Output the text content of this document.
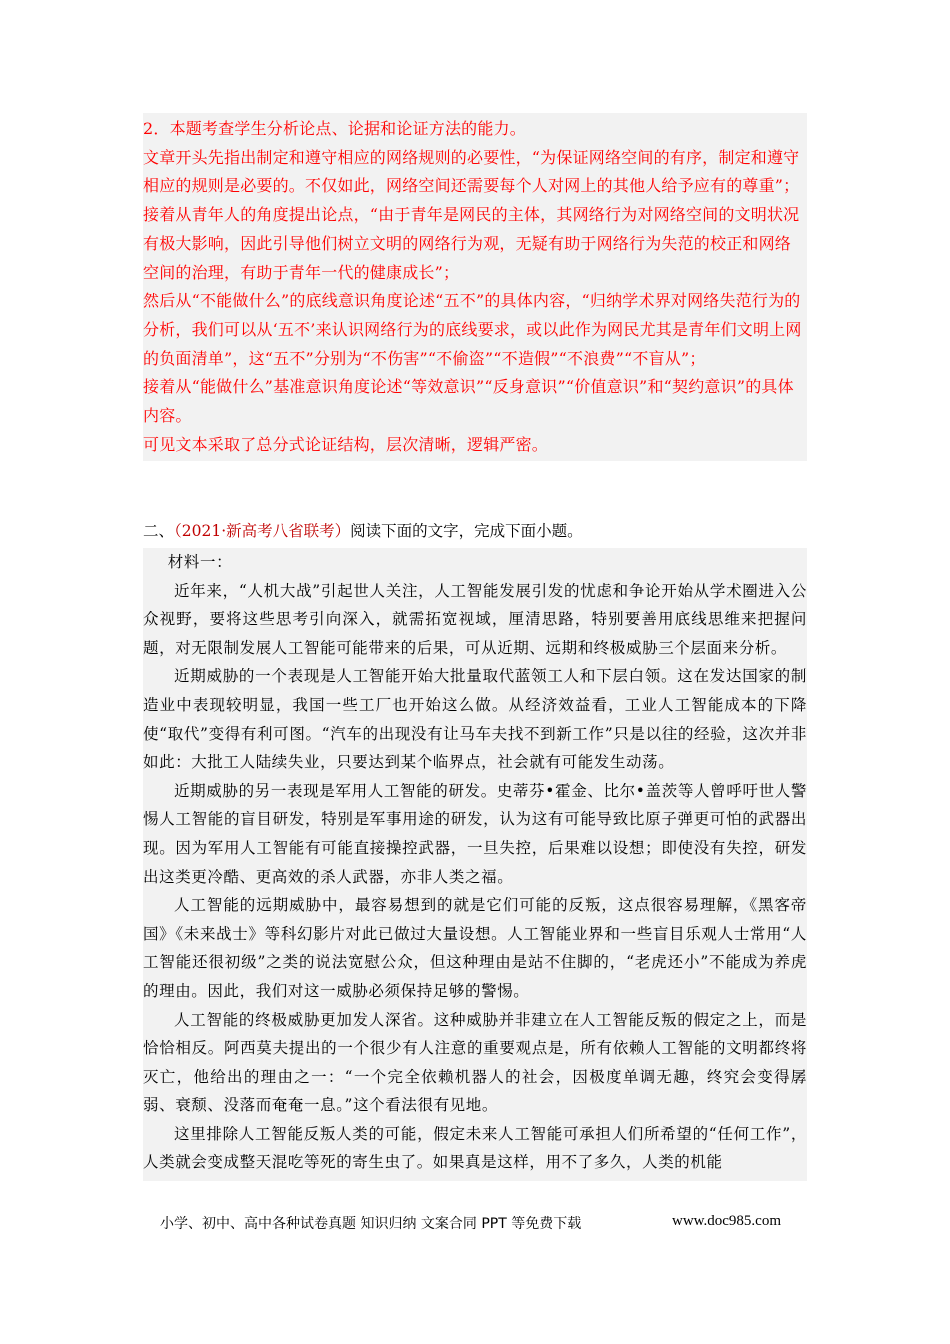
2．本题考查学生分析论点、论据和论证方法的能力。

文章开头先指出制定和遵守相应的网络规则的必要性，“为保证网络空间的有序，制定和遵守相应的规则是必要的。不仅如此，网络空间还需要每个人对网上的其他人给予应有的尊重”；

接着从青年人的角度提出论点，“由于青年是网民的主体，其网络行为对网络空间的文明状况有极大影响，因此引导他们树立文明的网络行为观，无疑有助于网络行为失范的校正和网络空间的治理，有助于青年一代的健康成长”；

然后从“不能做什么”的底线意识角度论述“五不”的具体内容，“归纳学术界对网络失范行为的分析，我们可以从‘五不’来认识网络行为的底线要求，或以此作为网民尤其是青年们文明上网的负面清单”，这“五不”分别为“不伤害”“不偷盗”“不造假”“不浪费”“不盲从”；

接着从“能做什么”基准意识角度论述“等效意识”“反身意识”“价值意识”和“契约意识”的具体内容。

可见文本采取了总分式论证结构，层次清晰，逻辑严密。

二、（2021·新高考八省联考）阅读下面的文字，完成下面小题。

材料一：

近年来，“人机大战”引起世人关注，人工智能发展引发的忧虑和争论开始从学术圈进入公众视野，要将这些思考引向深入，就需拓宽视域，厘清思路，特别要善用底线思维来把握问题，对无限制发展人工智能可能带来的后果，可从近期、远期和终极威胁三个层面来分析。

近期威胁的一个表现是人工智能开始大批量取代蓝领工人和下层白领。这在发达国家的制造业中表现较明显，我国一些工厂也开始这么做。从经济效益看，工业人工智能成本的下降使“取代”变得有利可图。“汽车的出现没有让马车夫找不到新工作”只是以往的经验，这次并非如此：大批工人陆续失业，只要达到某个临界点，社会就有可能发生动荡。

近期威胁的另一表现是军用人工智能的研发。史蒂芬•霍金、比尔•盖茨等人曾呼吁世人警惕人工智能的盲目研发，特别是军事用途的研发，认为这有可能导致比原子弹更可怕的武器出现。因为军用人工智能有可能直接操控武器，一旦失控，后果难以设想；即使没有失控，研发出这类更冷酷、更高效的杀人武器，亦非人类之福。

人工智能的远期威胁中，最容易想到的就是它们可能的反叛，这点很容易理解，《黑客帝国》《未来战士》等科幻影片对此已做过大量设想。人工智能业界和一些盲目乐观人士常用“人工智能还很初级”之类的说法宽慰公众，但这种理由是站不住脚的，“老虎还小”不能成为养虎的理由。因此，我们对这一威胁必须保持足够的警惕。

人工智能的终极威胁更加发人深省。这种威胁并非建立在人工智能反叛的假定之上，而是恰恰相反。阿西莫夫提出的一个很少有人注意的重要观点是，所有依赖人工智能的文明都终将灭亡，他给出的理由之一：“一个完全依赖机器人的社会，因极度单调无趣，终究会变得孱弱、衰颓、没落而奄奄一息。”这个看法很有见地。

这里排除人工智能反叛人类的可能，假定未来人工智能可承担人们所希望的“任何工作”，人类就会变成整天混吃等死的寄生虫了。如果真是这样，用不了多久，人类的机能

小学、初中、高中各种试卷真题 知识归纳 文案合同 PPT 等免费下载	www.doc985.com
